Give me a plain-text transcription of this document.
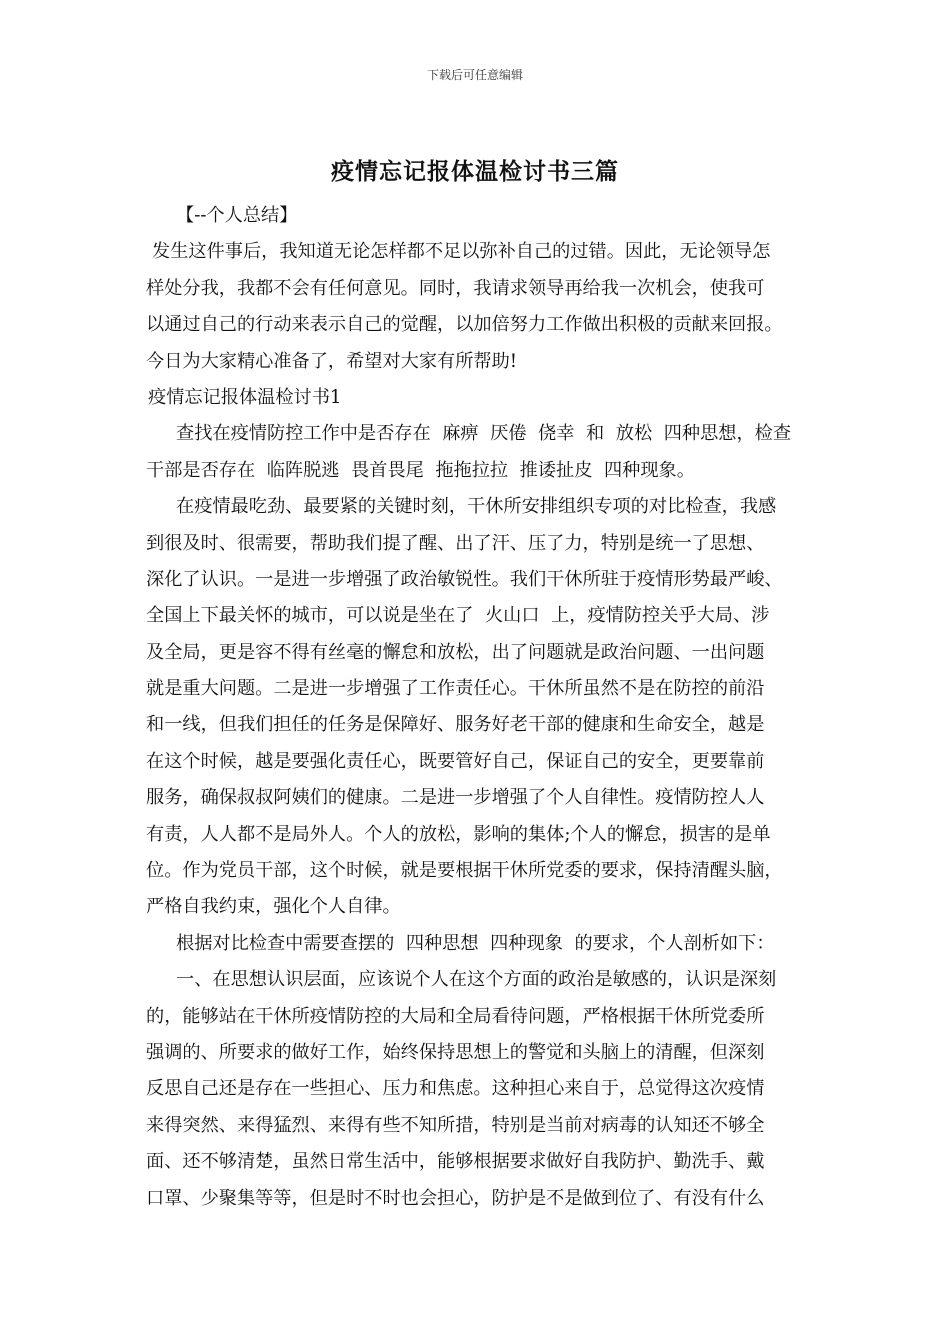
下载后可任意编辑
疫情忘记报体温检讨书三篇
【--个人总结】
发生这件事后，我知道无论怎样都不足以弥补自己的过错。因此，无论领导怎
样处分我，我都不会有任何意见。同时，我请求领导再给我一次机会，使我可
以通过自己的行动来表示自己的觉醒，以加倍努力工作做出积极的贡献来回报。
今日为大家精心准备了，希望对大家有所帮助!
疫情忘记报体温检讨书1
查找在疫情防控工作中是否存在  麻痹  厌倦  侥幸  和  放松  四种思想，检查
干部是否存在  临阵脱逃  畏首畏尾  拖拖拉拉  推诿扯皮  四种现象。
在疫情最吃劲、最要紧的关键时刻，干休所安排组织专项的对比检查，我感
到很及时、很需要，帮助我们提了醒、出了汗、压了力，特别是统一了思想、
深化了认识。一是进一步增强了政治敏锐性。我们干休所驻于疫情形势最严峻、
全国上下最关怀的城市，可以说是坐在了  火山口  上，疫情防控关乎大局、涉
及全局，更是容不得有丝毫的懈怠和放松，出了问题就是政治问题、一出问题
就是重大问题。二是进一步增强了工作责任心。干休所虽然不是在防控的前沿
和一线，但我们担任的任务是保障好、服务好老干部的健康和生命安全，越是
在这个时候，越是要强化责任心，既要管好自己，保证自己的安全，更要靠前
服务，确保叔叔阿姨们的健康。二是进一步增强了个人自律性。疫情防控人人
有责，人人都不是局外人。个人的放松，影响的集体;个人的懈怠，损害的是单
位。作为党员干部，这个时候，就是要根据干休所党委的要求，保持清醒头脑，
严格自我约束，强化个人自律。
根据对比检查中需要查摆的  四种思想  四种现象  的要求，个人剖析如下：
一、在思想认识层面，应该说个人在这个方面的政治是敏感的，认识是深刻
的，能够站在干休所疫情防控的大局和全局看待问题，严格根据干休所党委所
强调的、所要求的做好工作，始终保持思想上的警觉和头脑上的清醒，但深刻
反思自己还是存在一些担心、压力和焦虑。这种担心来自于，总觉得这次疫情
来得突然、来得猛烈、来得有些不知所措，特别是当前对病毒的认知还不够全
面、还不够清楚，虽然日常生活中，能够根据要求做好自我防护、勤洗手、戴
口罩、少聚集等等，但是时不时也会担心，防护是不是做到位了、有没有什么
